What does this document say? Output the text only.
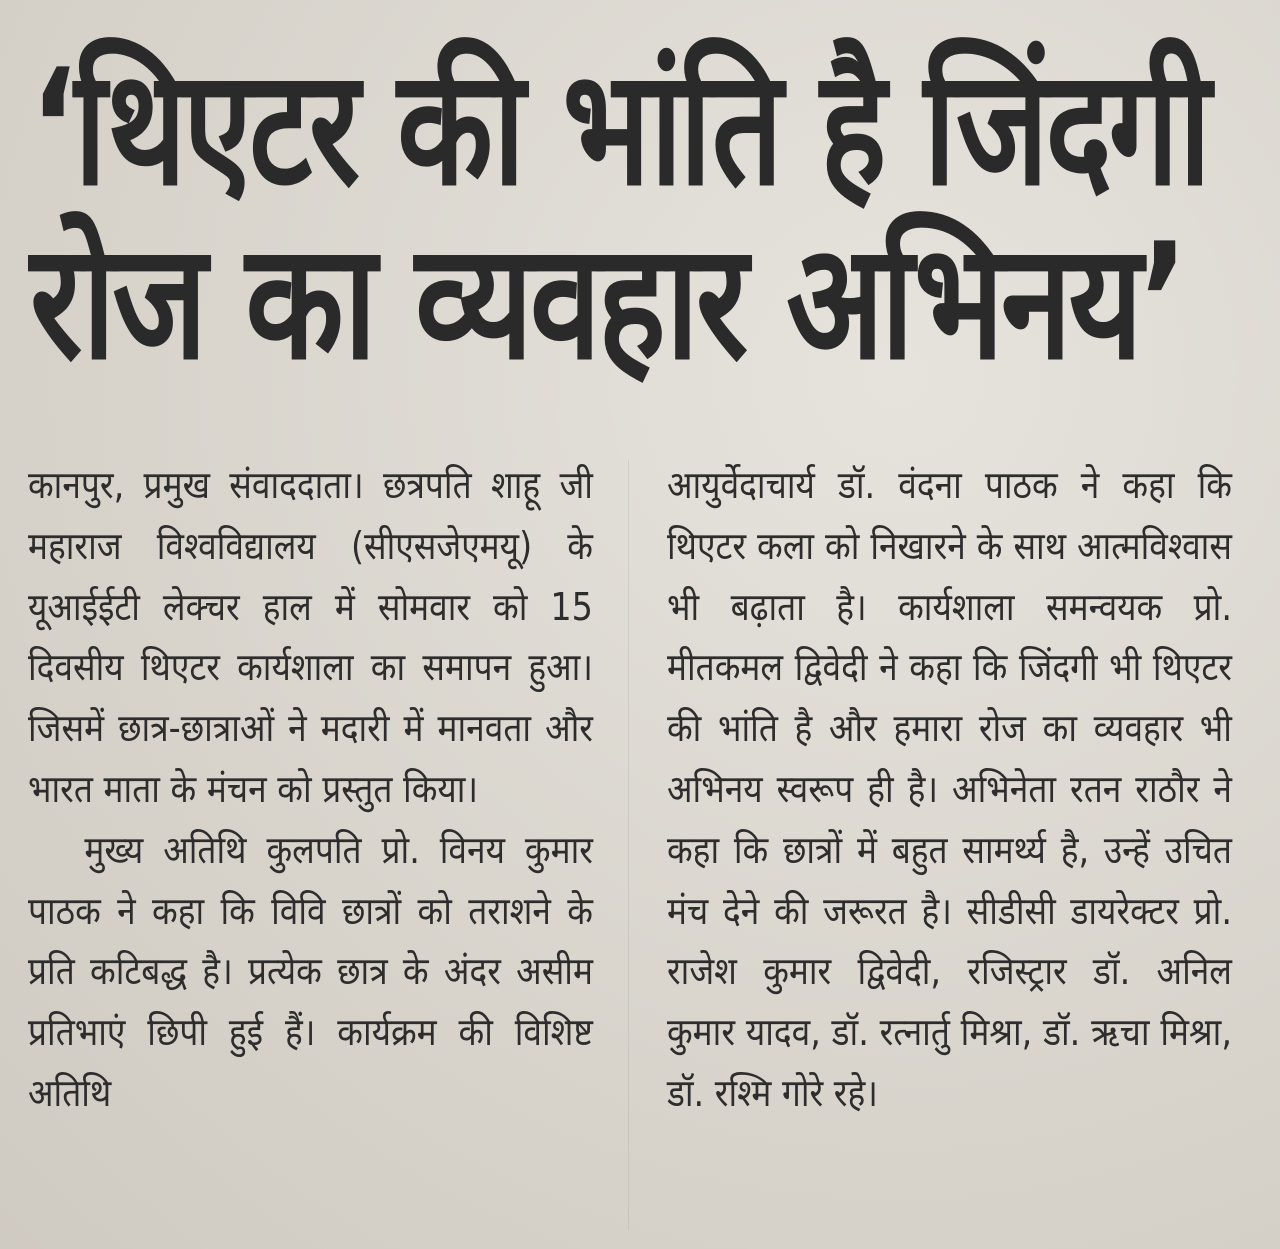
‘थिएटर की भांति है जिंदगी
रोज का व्यवहार अभिनय’

कानपुर, प्रमुख संवाददाता। छत्रपति शाहू जी महाराज विश्वविद्यालय (सीएसजेएमयू) के यूआईईटी लेक्चर हाल में सोमवार को 15 दिवसीय थिएटर कार्यशाला का समापन हुआ। जिसमें छात्र-छात्राओं ने मदारी में मानवता और भारत माता के मंचन को प्रस्तुत किया।

मुख्य अतिथि कुलपति प्रो. विनय कुमार पाठक ने कहा कि विवि छात्रों को तराशने के प्रति कटिबद्ध है। प्रत्येक छात्र के अंदर असीम प्रतिभाएं छिपी हुई हैं। कार्यक्रम की विशिष्ट अतिथि

आयुर्वेदाचार्य डॉ. वंदना पाठक ने कहा कि थिएटर कला को निखारने के साथ आत्मविश्वास भी बढ़ाता है। कार्यशाला समन्वयक प्रो. मीतकमल द्विवेदी ने कहा कि जिंदगी भी थिएटर की भांति है और हमारा रोज का व्यवहार भी अभिनय स्वरूप ही है। अभिनेता रतन राठौर ने कहा कि छात्रों में बहुत सामर्थ्य है, उन्हें उचित मंच देने की जरूरत है। सीडीसी डायरेक्टर प्रो. राजेश कुमार द्विवेदी, रजिस्ट्रार डॉ. अनिल कुमार यादव, डॉ. रत्नार्तु मिश्रा, डॉ. ऋचा मिश्रा, डॉ. रश्मि गोरे रहे।
